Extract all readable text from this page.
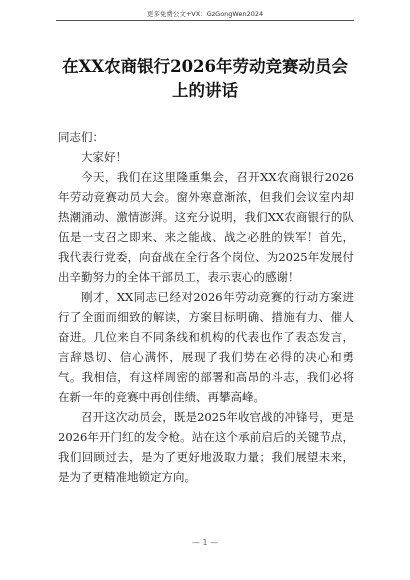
更多免费公文+VX：GzGongWen2024
在XX农商银行2026年劳动竞赛动员会
上的讲话

同志们：

大家好！

今天，我们在这里隆重集会，召开XX农商银行2026年劳动竞赛动员大会。窗外寒意渐浓，但我们会议室内却热潮涌动、激情澎湃。这充分说明，我们XX农商银行的队伍是一支召之即来、来之能战、战之必胜的铁军！首先，我代表行党委，向奋战在全行各个岗位、为2025年发展付出辛勤努力的全体干部员工，表示衷心的感谢！

刚才，XX同志已经对2026年劳动竞赛的行动方案进行了全面而细致的解读，方案目标明确、措施有力、催人奋进。几位来自不同条线和机构的代表也作了表态发言，言辞恳切、信心满怀，展现了我们势在必得的决心和勇气。我相信，有这样周密的部署和高昂的斗志，我们必将在新一年的竞赛中再创佳绩、再攀高峰。

召开这次动员会，既是2025年收官战的冲锋号，更是2026年开门红的发令枪。站在这个承前启后的关键节点，我们回顾过去，是为了更好地汲取力量；我们展望未来，是为了更精准地锁定方向。

— 1 —
